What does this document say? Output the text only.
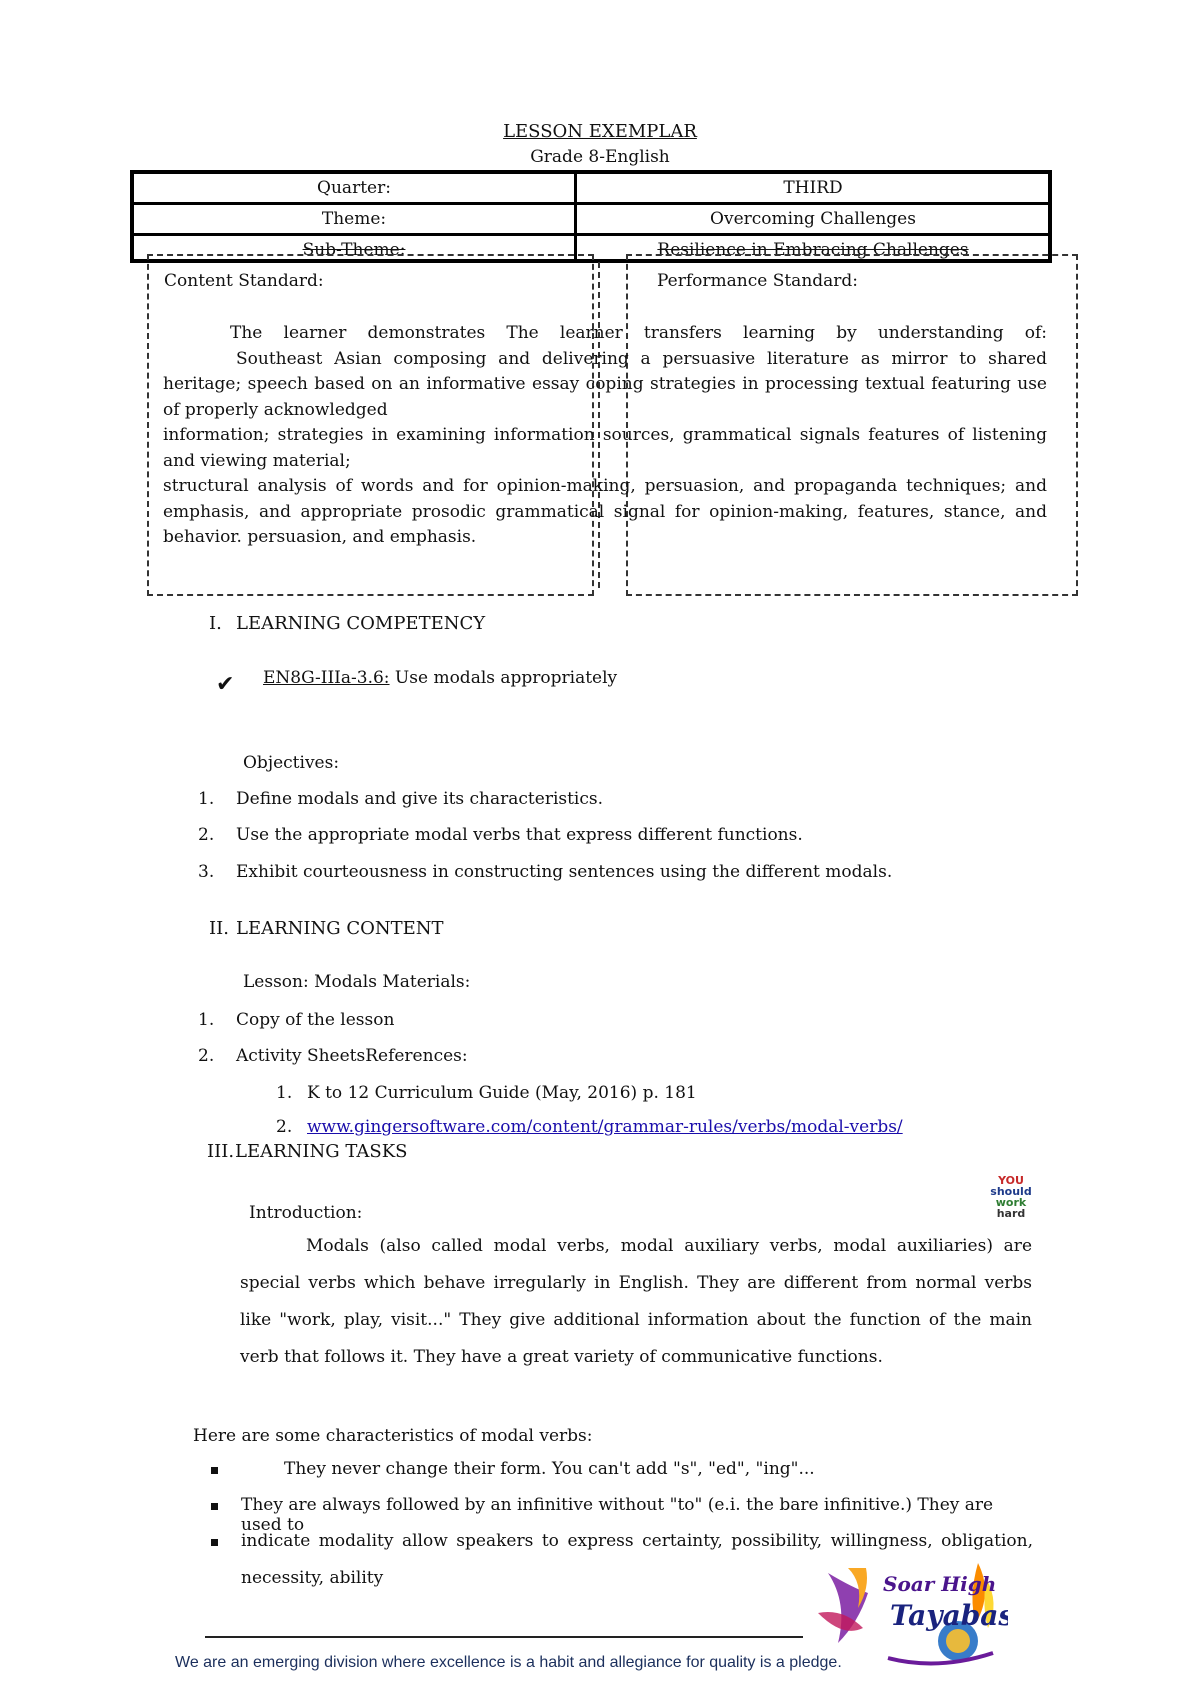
LESSON EXEMPLAR
Grade 8-English
Quarter:	THIRD
Theme:	Overcoming Challenges
Sub-Theme:	Resilience in Embracing Challenges
Content Standard:	Performance Standard:
The learner demonstrates The learner transfers learning by understanding of:
Southeast Asian composing and delivering a persuasive literature as mirror to shared
heritage; speech based on an informative essay coping strategies in processing textual featuring use of properly acknowledged
information; strategies in examining information sources, grammatical signals features of listening and viewing material;
structural analysis of words and for opinion-making, persuasion, and propaganda techniques; and emphasis, and appropriate prosodic grammatical signal for opinion-making, features, stance, and behavior. persuasion, and emphasis.
I. LEARNING COMPETENCY
✔	EN8G-IIIa-3.6: Use modals appropriately
Objectives:
1. Define modals and give its characteristics.
2. Use the appropriate modal verbs that express different functions.
3. Exhibit courteousness in constructing sentences using the different modals.
II. LEARNING CONTENT
Lesson: Modals Materials:
1. Copy of the lesson
2. Activity SheetsReferences:
1. K to 12 Curriculum Guide (May, 2016) p. 181
2. www.gingersoftware.com/content/grammar-rules/verbs/modal-verbs/
III. LEARNING TASKS
YOU
should
work
hard
Introduction:
Modals (also called modal verbs, modal auxiliary verbs, modal auxiliaries) are special verbs which behave irregularly in English. They are different from normal verbs like "work, play, visit..." They give additional information about the function of the main verb that follows it. They have a great variety of communicative functions.
Here are some characteristics of modal verbs:
They never change their form. You can't add "s", "ed", "ing"...
They are always followed by an infinitive without "to" (e.i. the bare infinitive.) They are used to
indicate modality allow speakers to express certainty, possibility, willingness, obligation, necessity, ability	Soar High
Tayabas
We are an emerging division where excellence is a habit and allegiance for quality is a pledge.
